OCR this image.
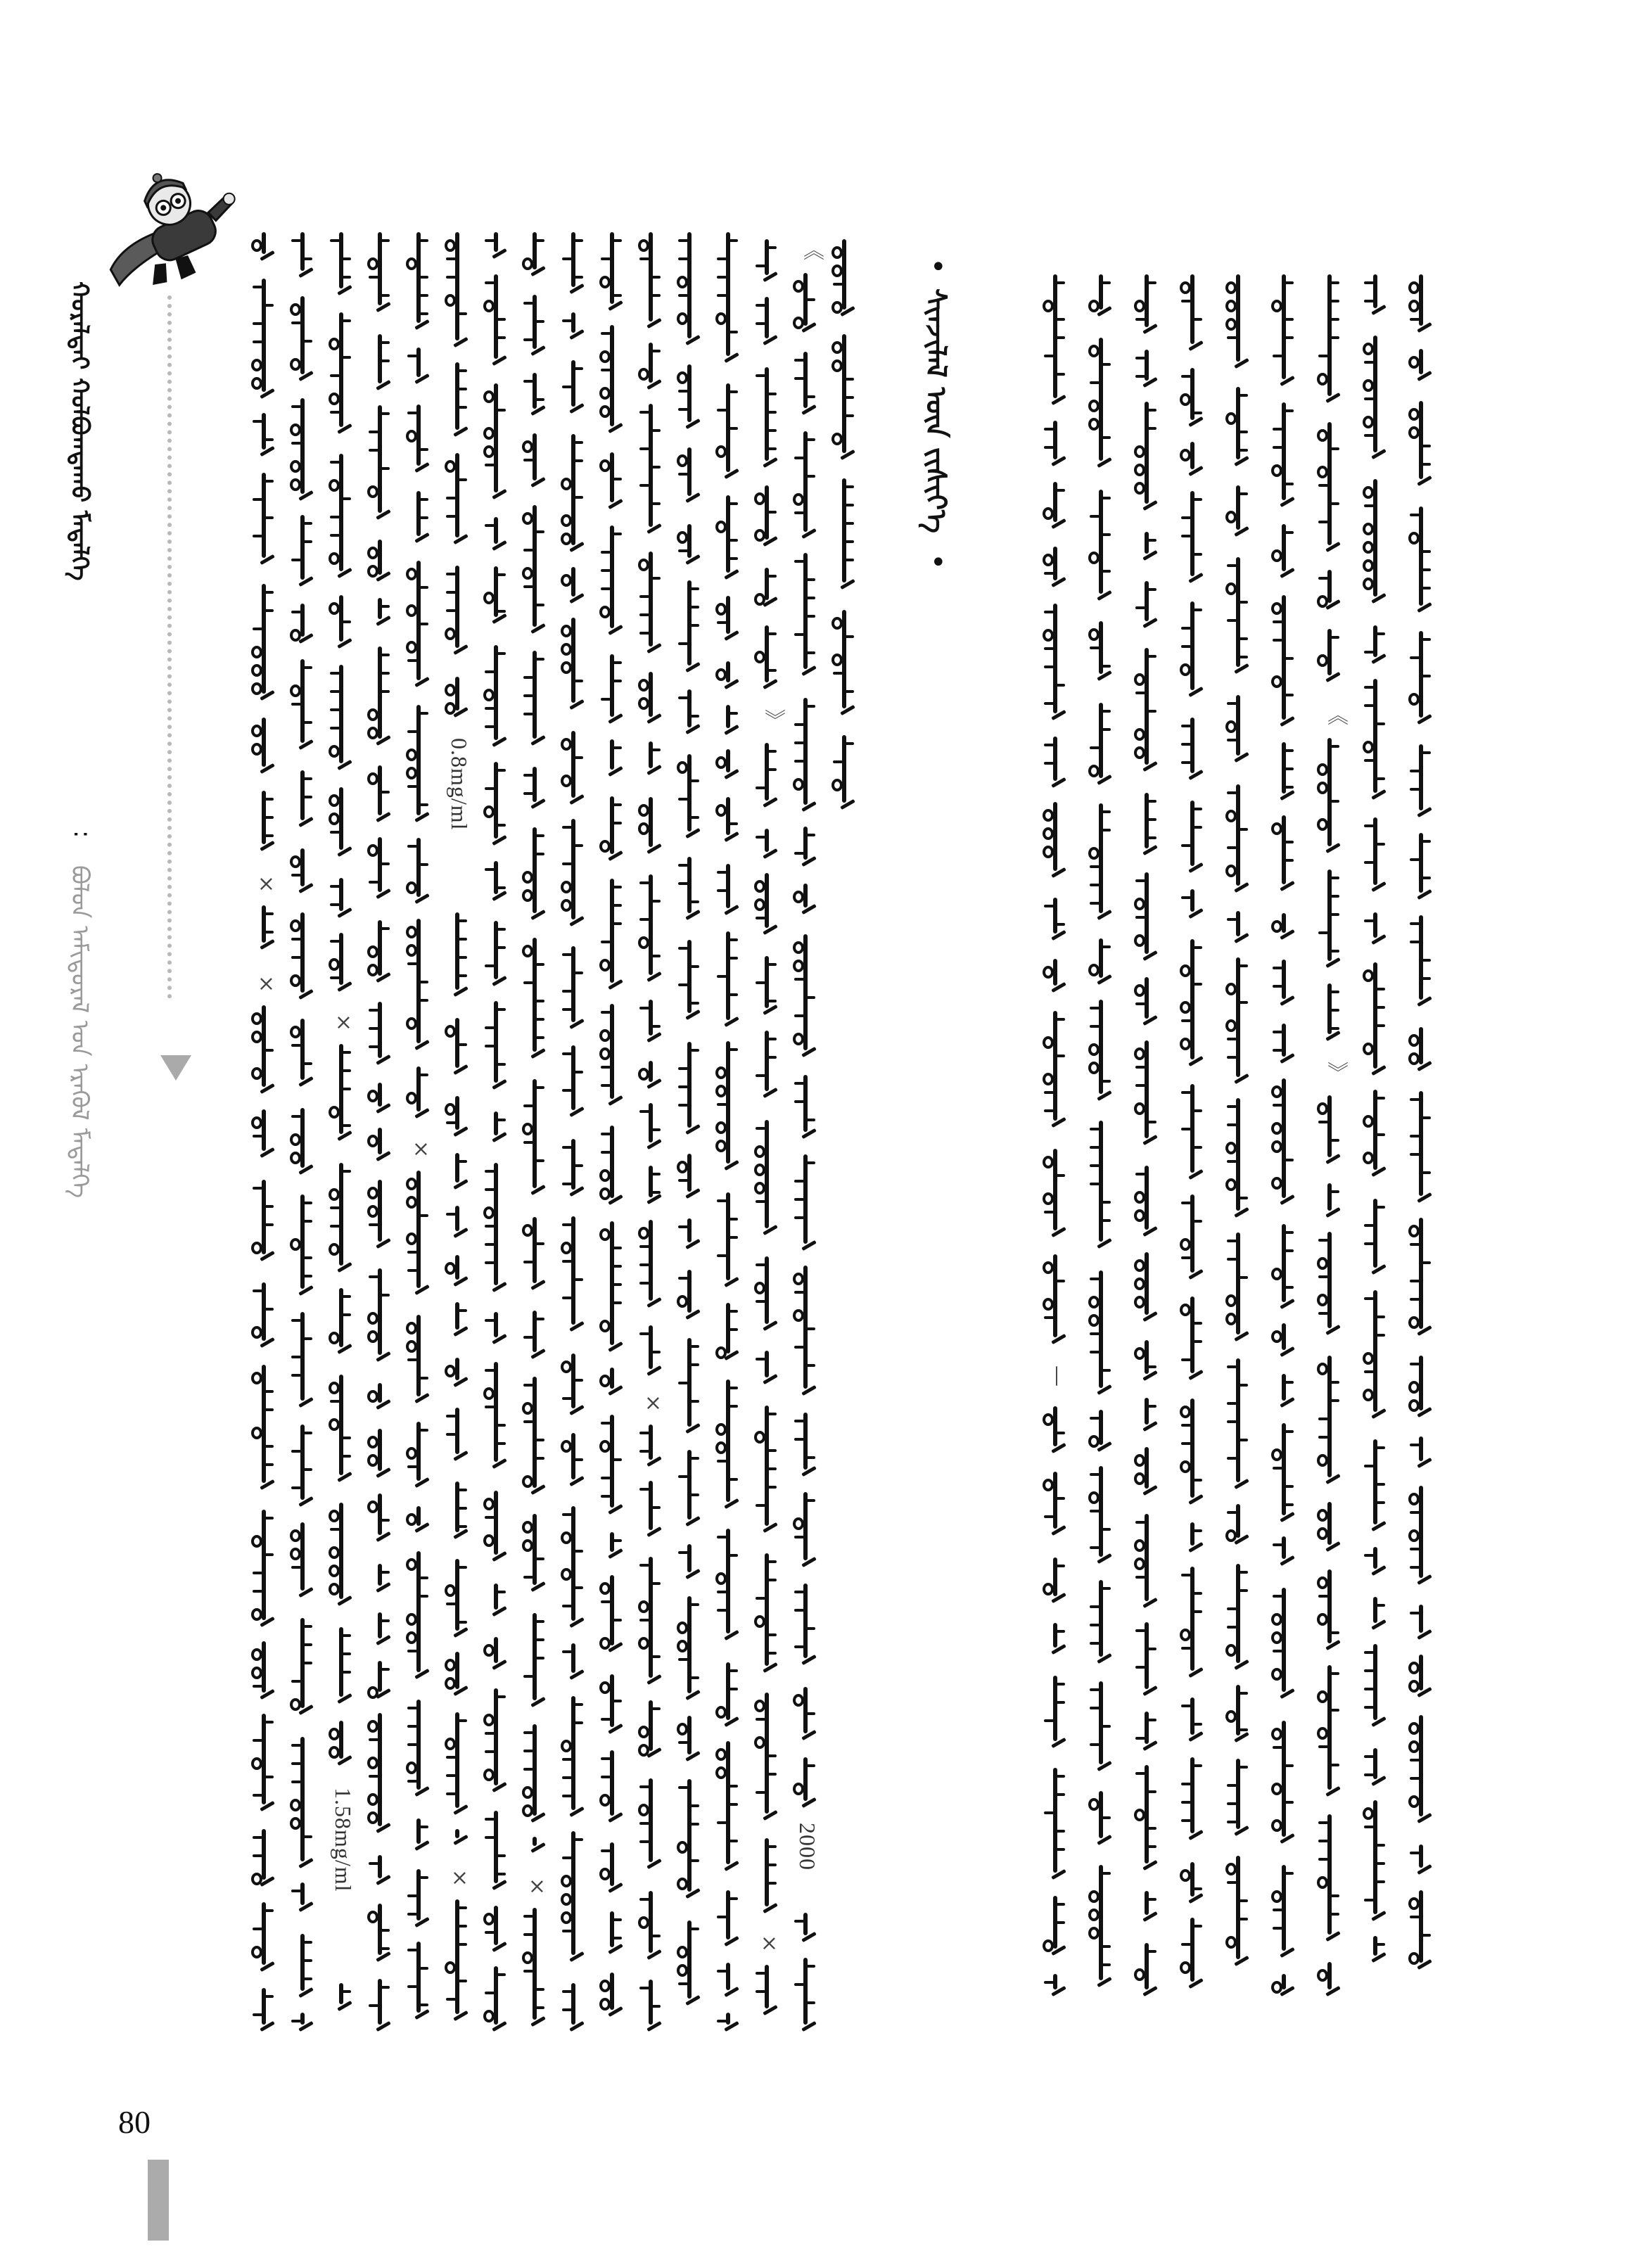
ᠬᠤᠷᠠᠯᠳᠠᠢ ᠬᠣᠯᠪᠣᠭᠳᠠᠬᠤ ᠮᠡᠳᠡᠯᠭᠡ
:
ᠪᠣᠯᠣᠨ ᠠᠮᠢᠳᠤᠷᠠᠯ ᠤᠨ ᠡᠷᠡᠭᠦᠯ ᠮᠡᠳᠡᠯᠭᠡ
•
ᠰᠢᠨᠵᠢᠯᠡᠯ ᠦᠨ ᠵᠢᠱᠢᠶ᠎ᠡ
•
《
》
—
《
2000
》
×
×
×
0.8mg/ml
×
×
×
1.58mg/ml
×
×
80
